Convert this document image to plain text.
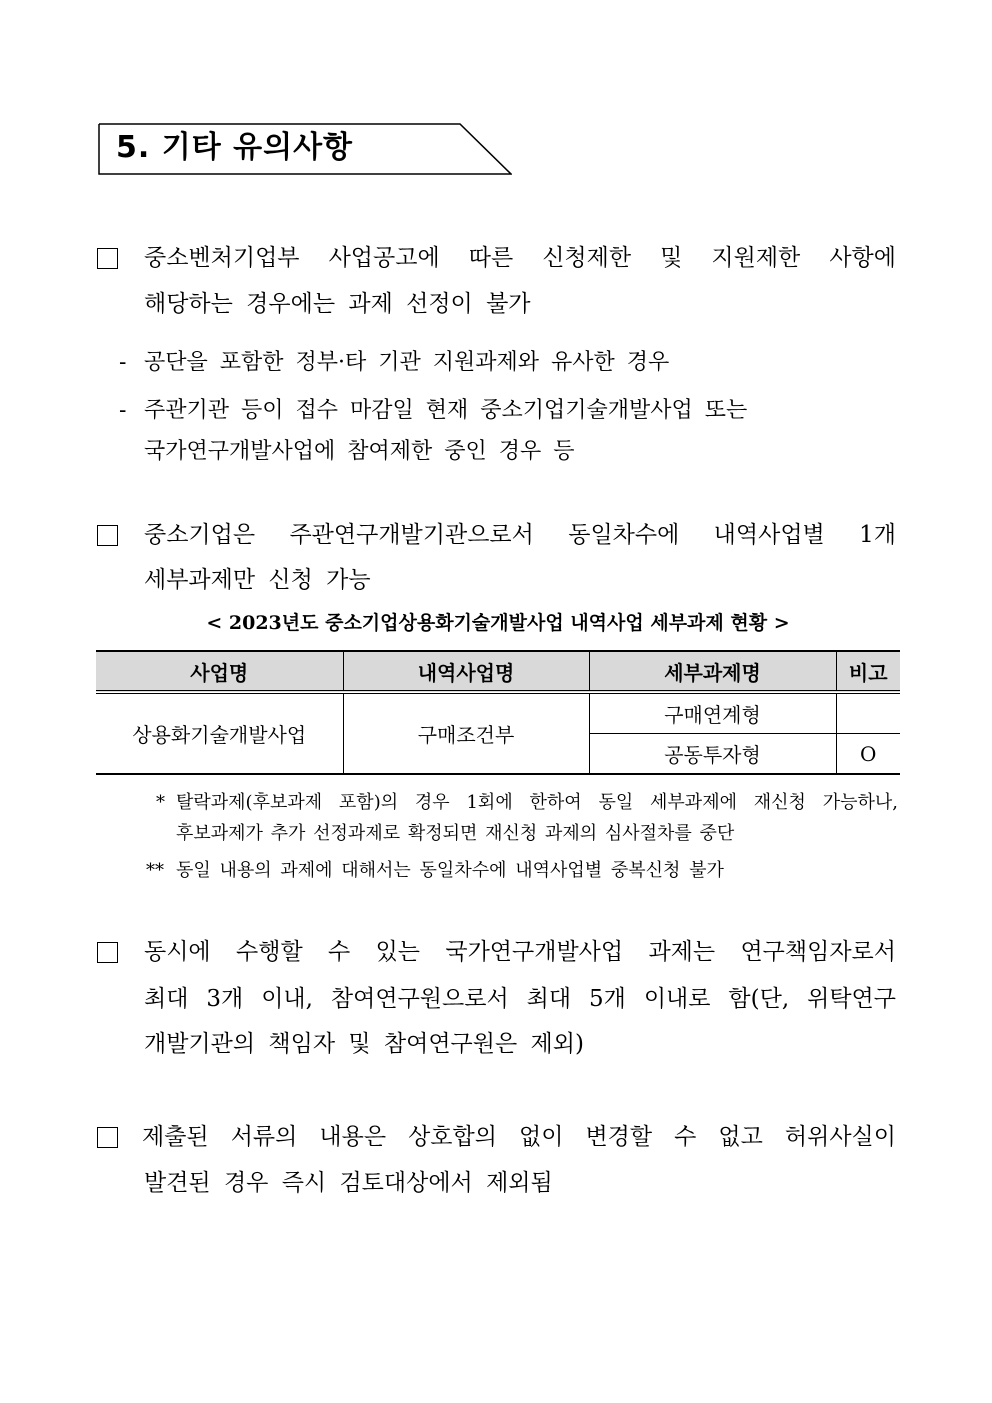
5. 기타 유의사항
중소벤처기업부 사업공고에 따른 신청제한 및 지원제한 사항에
해당하는 경우에는 과제 선정이 불가
- 공단을 포함한 정부·타 기관 지원과제와 유사한 경우
- 주관기관 등이 접수 마감일 현재 중소기업기술개발사업 또는
국가연구개발사업에 참여제한 중인 경우 등
중소기업은 주관연구개발기관으로서 동일차수에 내역사업별 1개
세부과제만 신청 가능
< 2023년도 중소기업상용화기술개발사업 내역사업 세부과제 현황 >
사업명	내역사업명	세부과제명	비고
상용화기술개발사업	구매조건부	구매연계형	
		공동투자형	O
* 탈락과제(후보과제 포함)의 경우 1회에 한하여 동일 세부과제에 재신청 가능하나,
후보과제가 추가 선정과제로 확정되면 재신청 과제의 심사절차를 중단
** 동일 내용의 과제에 대해서는 동일차수에 내역사업별 중복신청 불가
동시에 수행할 수 있는 국가연구개발사업 과제는 연구책임자로서
최대 3개 이내, 참여연구원으로서 최대 5개 이내로 함(단, 위탁연구
개발기관의 책임자 및 참여연구원은 제외)
제출된 서류의 내용은 상호합의 없이 변경할 수 없고 허위사실이
발견된 경우 즉시 검토대상에서 제외됨
